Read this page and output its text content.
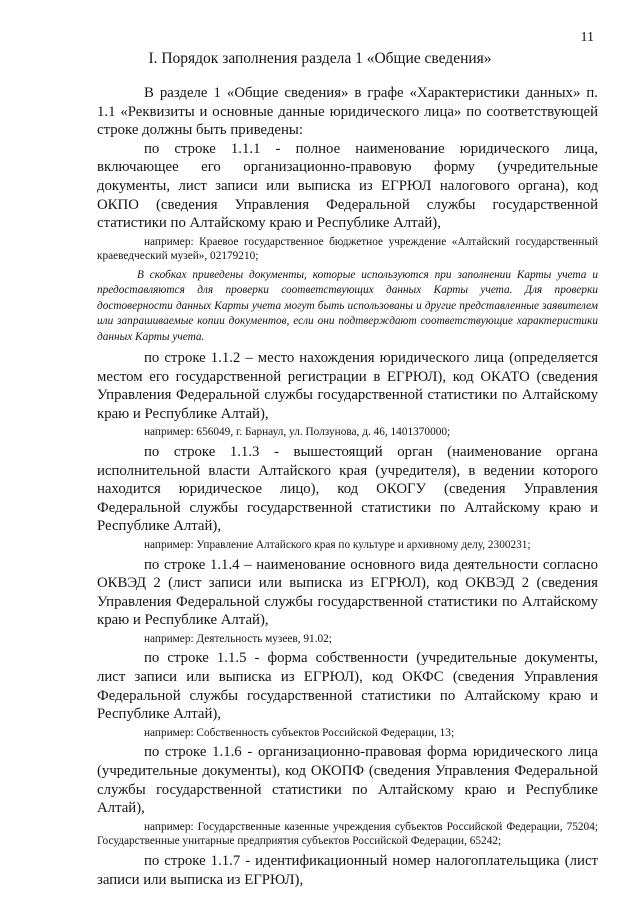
11
I. Порядок заполнения раздела 1 «Общие сведения»

В разделе 1 «Общие сведения» в графе «Характеристики данных» п. 1.1 «Реквизиты и основные данные юридического лица» по соответствующей строке должны быть приведены:

по строке 1.1.1 - полное наименование юридического лица, включающее его организационно-правовую форму (учредительные документы, лист записи или выписка из ЕГРЮЛ налогового органа), код ОКПО (сведения Управления Федеральной службы государственной статистики по Алтайскому краю и Республике Алтай),

например: Краевое государственное бюджетное учреждение «Алтайский государственный краеведческий музей», 02179210;

В скобках приведены документы, которые используются при заполнении Карты учета и предоставляются для проверки соответствующих данных Карты учета. Для проверки достоверности данных Карты учета могут быть использованы и другие представленные заявителем или запрашиваемые копии документов, если они подтверждают соответствующие характеристики данных Карты учета.

по строке 1.1.2 – место нахождения юридического лица (определяется местом его государственной регистрации в ЕГРЮЛ), код ОКАТО (сведения Управления Федеральной службы государственной статистики по Алтайскому краю и Республике Алтай),

например: 656049, г. Барнаул, ул. Ползунова, д. 46, 1401370000;

по строке 1.1.3 - вышестоящий орган (наименование органа исполнительной власти Алтайского края (учредителя), в ведении которого находится юридическое лицо), код ОКОГУ (сведения Управления Федеральной службы государственной статистики по Алтайскому краю и Республике Алтай),

например: Управление Алтайского края по культуре и архивному делу, 2300231;

по строке 1.1.4 – наименование основного вида деятельности согласно ОКВЭД 2 (лист записи или выписка из ЕГРЮЛ), код ОКВЭД 2 (сведения Управления Федеральной службы государственной статистики по Алтайскому краю и Республике Алтай),

например: Деятельность музеев, 91.02;

по строке 1.1.5 - форма собственности (учредительные документы, лист записи или выписка из ЕГРЮЛ), код ОКФС (сведения Управления Федеральной службы государственной статистики по Алтайскому краю и Республике Алтай),

например: Собственность субъектов Российской Федерации, 13;

по строке 1.1.6 - организационно-правовая форма юридического лица (учредительные документы), код ОКОПФ (сведения Управления Федеральной службы государственной статистики по Алтайскому краю и Республике Алтай),

например: Государственные казенные учреждения субъектов Российской Федерации, 75204; Государственные унитарные предприятия субъектов Российской Федерации, 65242;

по строке 1.1.7 - идентификационный номер налогоплательщика (лист записи или выписка из ЕГРЮЛ),
